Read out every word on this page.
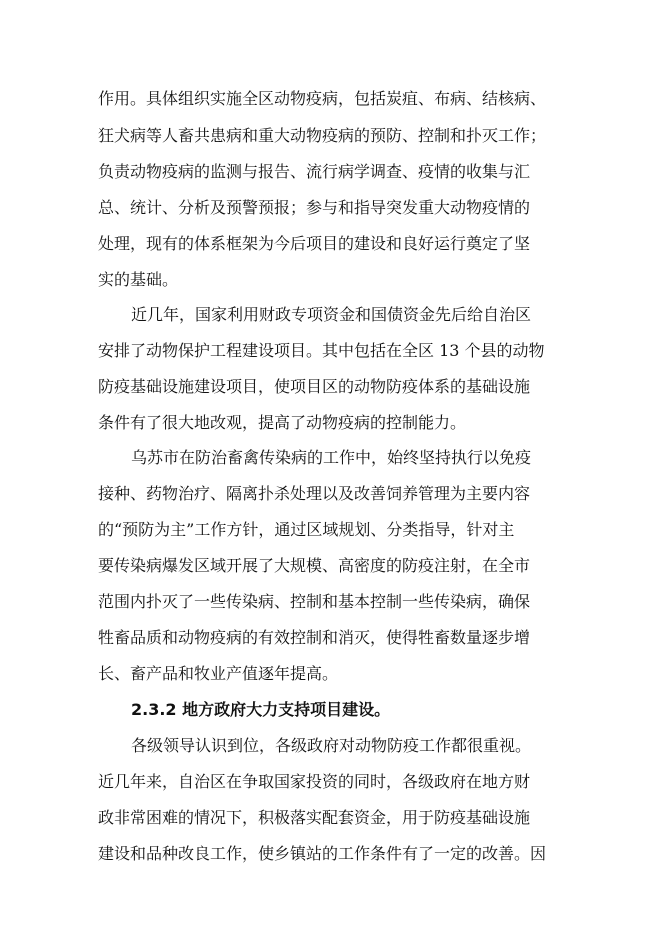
作用。具体组织实施全区动物疫病，包括炭疽、布病、结核病、
狂犬病等人畜共患病和重大动物疫病的预防、控制和扑灭工作；
负责动物疫病的监测与报告、流行病学调查、疫情的收集与汇
总、统计、分析及预警预报；参与和指导突发重大动物疫情的
处理，现有的体系框架为今后项目的建设和良好运行奠定了坚
实的基础。
近几年，国家利用财政专项资金和国债资金先后给自治区
安排了动物保护工程建设项目。其中包括在全区 13 个县的动物
防疫基础设施建设项目，使项目区的动物防疫体系的基础设施
条件有了很大地改观，提高了动物疫病的控制能力。
乌苏市在防治畜禽传染病的工作中，始终坚持执行以免疫
接种、药物治疗、隔离扑杀处理以及改善饲养管理为主要内容
的“预防为主”工作方针，通过区域规划、分类指导，针对主
要传染病爆发区域开展了大规模、高密度的防疫注射，在全市
范围内扑灭了一些传染病、控制和基本控制一些传染病，确保
牲畜品质和动物疫病的有效控制和消灭，使得牲畜数量逐步增
长、畜产品和牧业产值逐年提高。
2.3.2 地方政府大力支持项目建设。
各级领导认识到位，各级政府对动物防疫工作都很重视。
近几年来，自治区在争取国家投资的同时，各级政府在地方财
政非常困难的情况下，积极落实配套资金，用于防疫基础设施
建设和品种改良工作，使乡镇站的工作条件有了一定的改善。因
